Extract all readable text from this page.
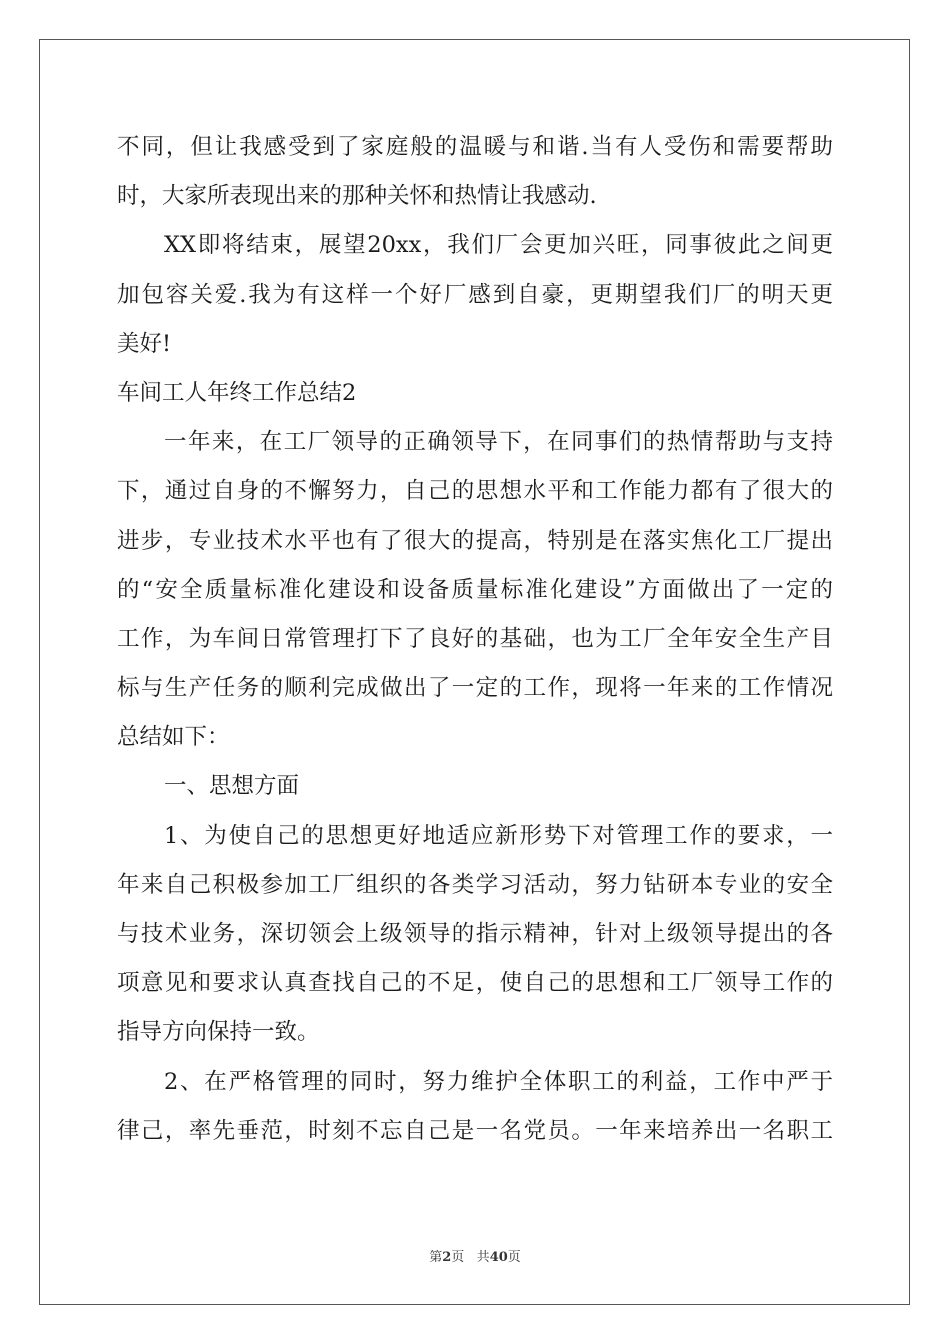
不同，但让我感受到了家庭般的温暖与和谐.当有人受伤和需要帮助
时，大家所表现出来的那种关怀和热情让我感动.
XX即将结束，展望20xx，我们厂会更加兴旺，同事彼此之间更
加包容关爱.我为有这样一个好厂感到自豪，更期望我们厂的明天更
美好!
车间工人年终工作总结2
一年来，在工厂领导的正确领导下，在同事们的热情帮助与支持
下，通过自身的不懈努力，自己的思想水平和工作能力都有了很大的
进步，专业技术水平也有了很大的提高，特别是在落实焦化工厂提出
的“安全质量标准化建设和设备质量标准化建设”方面做出了一定的
工作，为车间日常管理打下了良好的基础，也为工厂全年安全生产目
标与生产任务的顺利完成做出了一定的工作，现将一年来的工作情况
总结如下：
一、思想方面
1、为使自己的思想更好地适应新形势下对管理工作的要求，一
年来自己积极参加工厂组织的各类学习活动，努力钻研本专业的安全
与技术业务，深切领会上级领导的指示精神，针对上级领导提出的各
项意见和要求认真查找自己的不足，使自己的思想和工厂领导工作的
指导方向保持一致。
2、在严格管理的同时，努力维护全体职工的利益，工作中严于
律己，率先垂范，时刻不忘自己是一名党员。一年来培养出一名职工
第2页 共40页
